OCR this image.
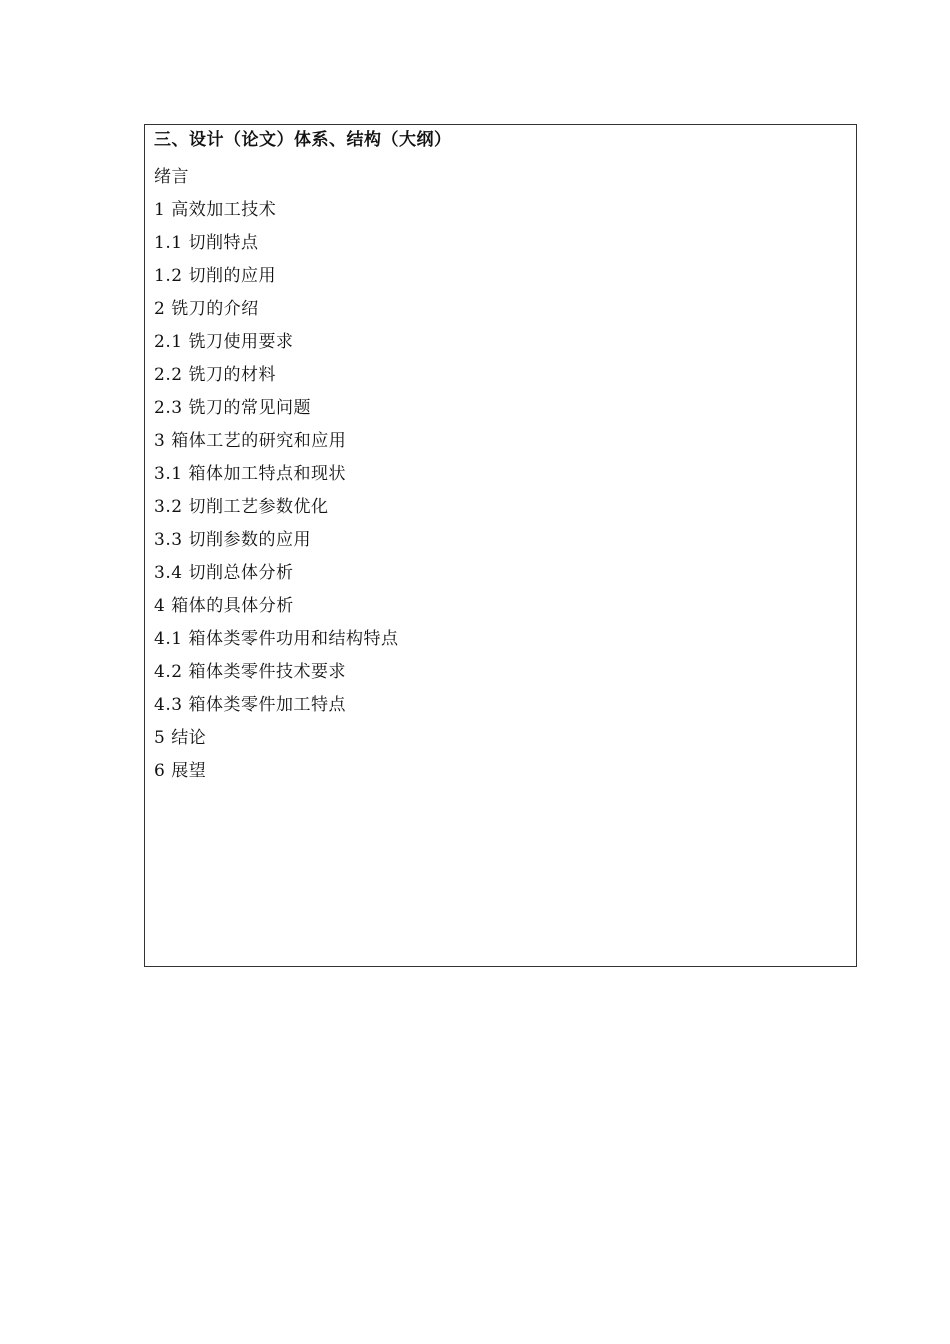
三、设计（论文）体系、结构（大纲）
绪言
1 高效加工技术
1.1 切削特点
1.2 切削的应用
2 铣刀的介绍
2.1 铣刀使用要求
2.2 铣刀的材料
2.3 铣刀的常见问题
3 箱体工艺的研究和应用
3.1 箱体加工特点和现状
3.2 切削工艺参数优化
3.3 切削参数的应用
3.4 切削总体分析
4 箱体的具体分析
4.1 箱体类零件功用和结构特点
4.2 箱体类零件技术要求
4.3 箱体类零件加工特点
5 结论
6 展望
